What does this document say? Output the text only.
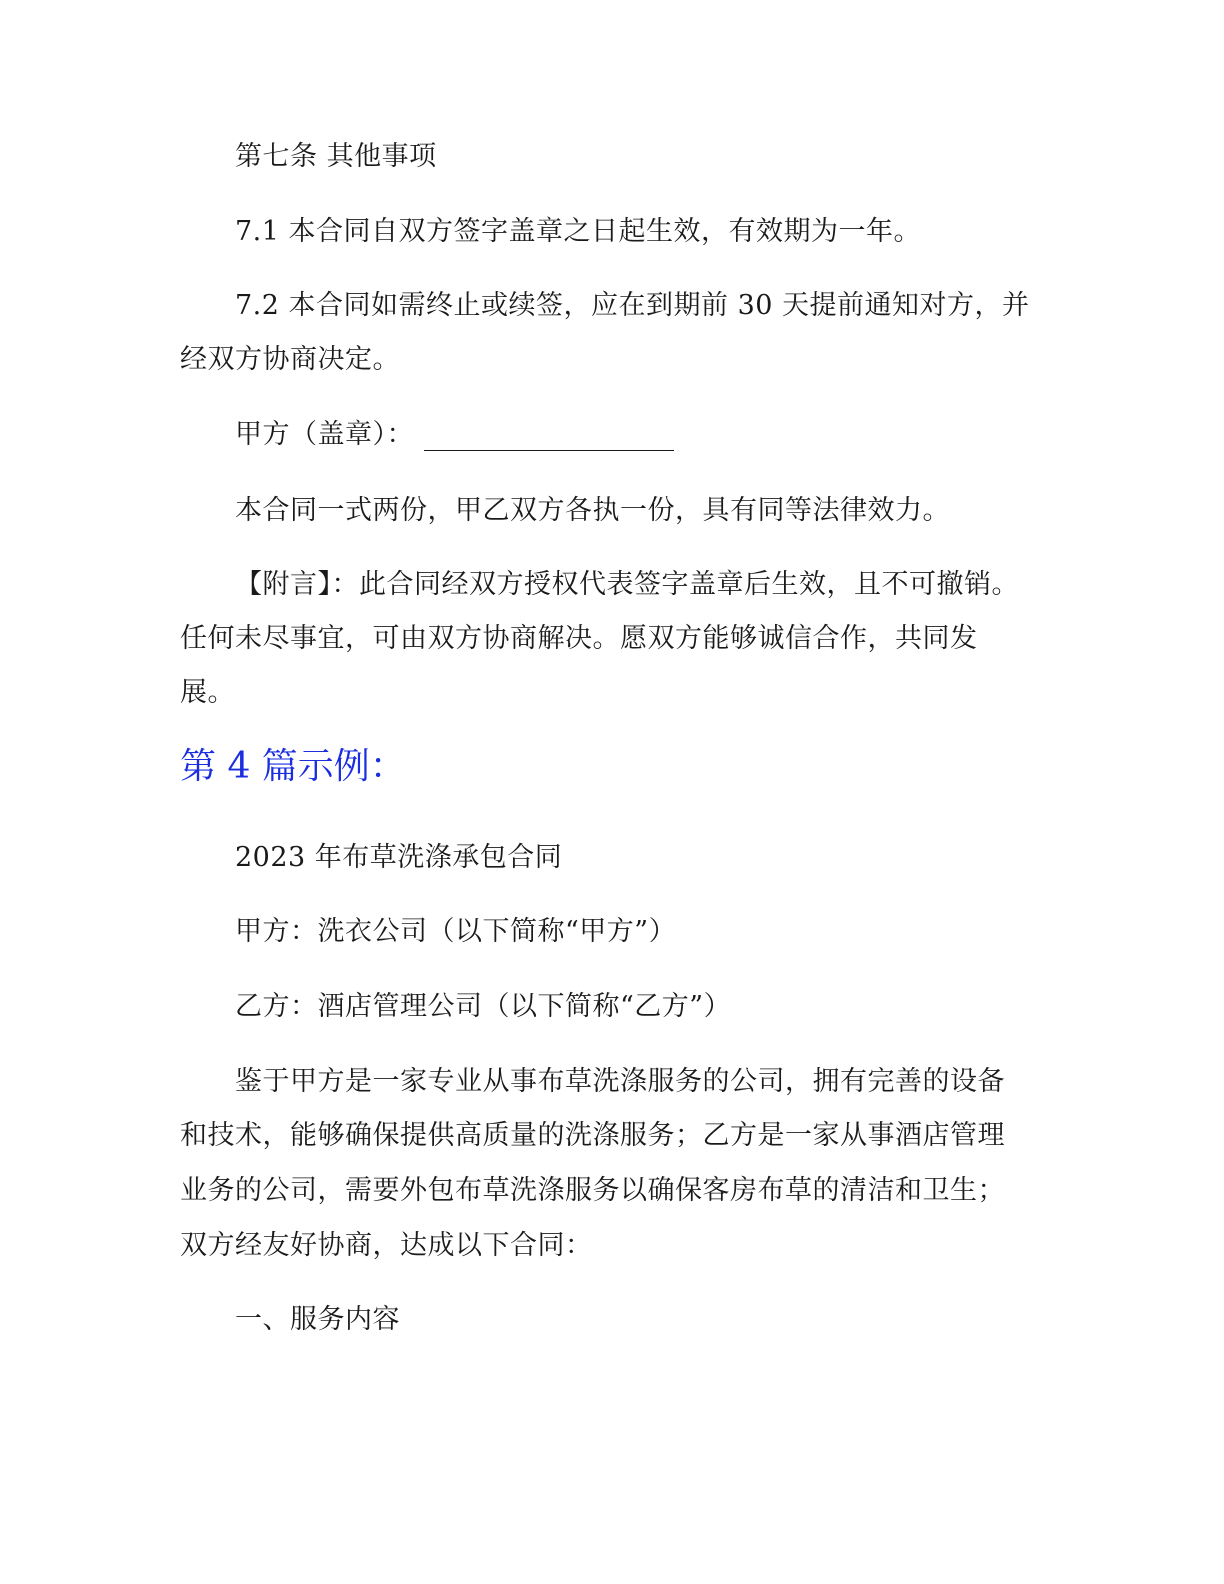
第七条 其他事项
7.1 本合同自双方签字盖章之日起生效，有效期为一年。
7.2 本合同如需终止或续签，应在到期前 30 天提前通知对方，并
经双方协商决定。
甲方（盖章）：
本合同一式两份，甲乙双方各执一份，具有同等法律效力。
【附言】：此合同经双方授权代表签字盖章后生效，且不可撤销。
任何未尽事宜，可由双方协商解决。愿双方能够诚信合作，共同发
展。
第 4 篇示例：
2023 年布草洗涤承包合同
甲方：洗衣公司（以下简称“甲方”）
乙方：酒店管理公司（以下简称“乙方”）
鉴于甲方是一家专业从事布草洗涤服务的公司，拥有完善的设备
和技术，能够确保提供高质量的洗涤服务；乙方是一家从事酒店管理
业务的公司，需要外包布草洗涤服务以确保客房布草的清洁和卫生；
双方经友好协商，达成以下合同：
一、服务内容
